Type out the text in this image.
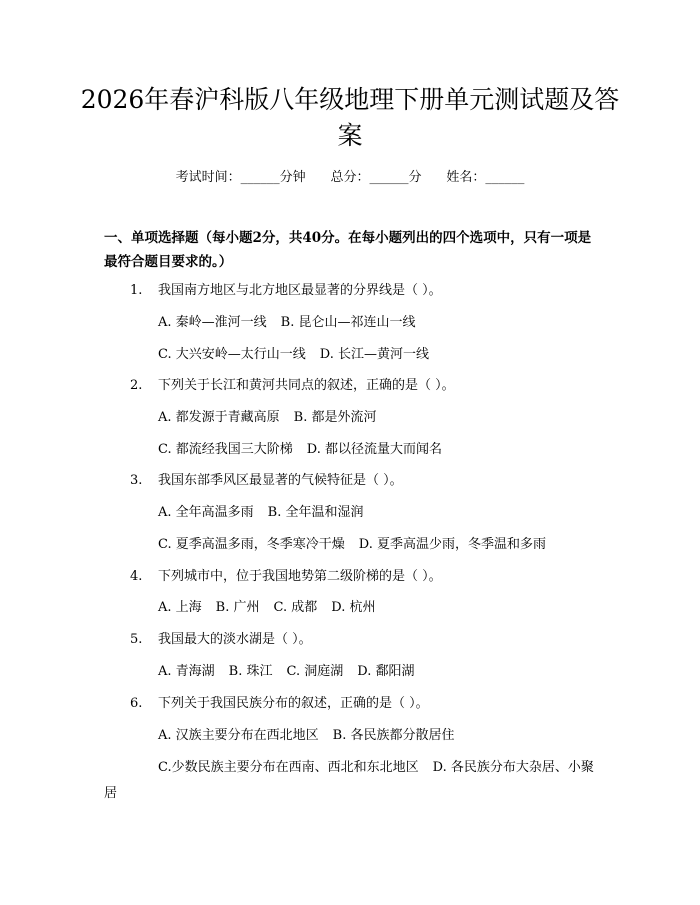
2026年春沪科版八年级地理下册单元测试题及答案
考试时间：______分钟 总分：______分 姓名：______

一、单项选择题（每小题2分，共40分。在每小题列出的四个选项中，只有一项是最符合题目要求的。）

1. 我国南方地区与北方地区最显著的分界线是（ ）。
A. 秦岭—淮河一线 B. 昆仑山—祁连山一线
C. 大兴安岭—太行山一线 D. 长江—黄河一线
2. 下列关于长江和黄河共同点的叙述，正确的是（ ）。
A. 都发源于青藏高原 B. 都是外流河
C. 都流经我国三大阶梯 D. 都以径流量大而闻名
3. 我国东部季风区最显著的气候特征是（ ）。
A. 全年高温多雨 B. 全年温和湿润
C. 夏季高温多雨，冬季寒冷干燥 D. 夏季高温少雨，冬季温和多雨
4. 下列城市中，位于我国地势第二级阶梯的是（ ）。
A. 上海 B. 广州 C. 成都 D. 杭州
5. 我国最大的淡水湖是（ ）。
A. 青海湖 B. 珠江 C. 洞庭湖 D. 鄱阳湖
6. 下列关于我国民族分布的叙述，正确的是（ ）。
A. 汉族主要分布在西北地区 B. 各民族都分散居住
C.少数民族主要分布在西南、西北和东北地区 D. 各民族分布大杂居、小聚居
